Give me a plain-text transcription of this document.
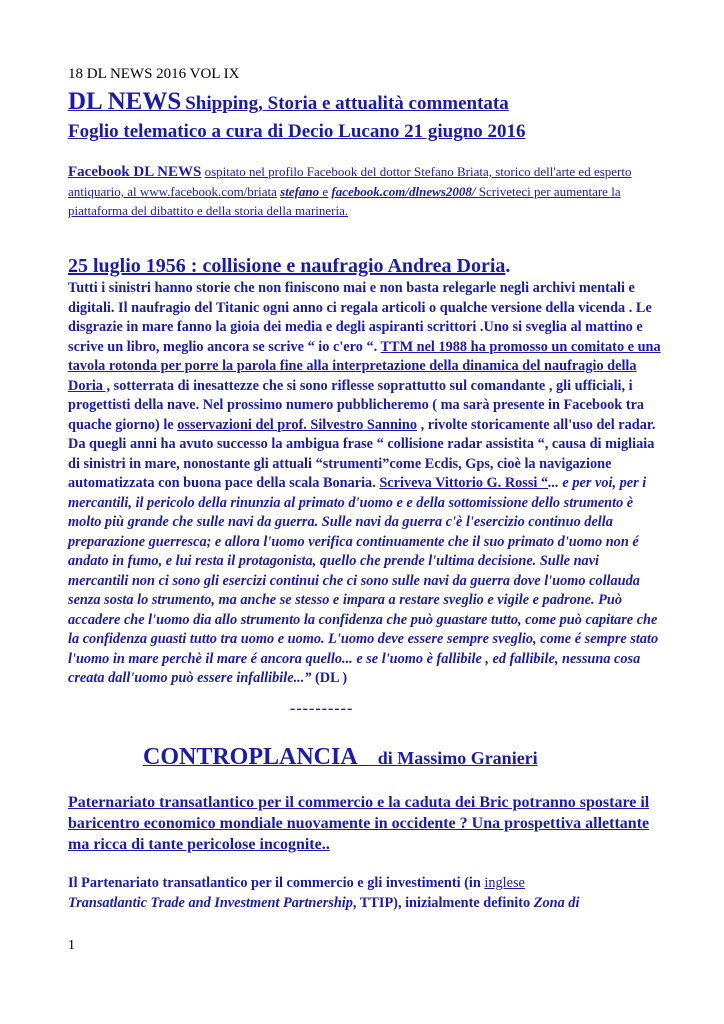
18 DL NEWS 2016 VOL IX
DL NEWS Shipping, Storia e attualità commentata
Foglio telematico a cura di Decio Lucano 21 giugno 2016
Facebook DL NEWS ospitato nel profilo Facebook del dottor Stefano Briata, storico dell'arte ed esperto antiquario, al www.facebook.com/briata stefano e facebook.com/dlnews2008/ Scriveteci per aumentare la piattaforma del dibattito e della storia della marineria.
25 luglio 1956 : collisione e naufragio Andrea Doria.
Tutti i sinistri hanno storie che non finiscono mai e non basta relegarle negli archivi mentali e digitali. Il naufragio del Titanic ogni anno ci regala articoli o qualche versione della vicenda . Le disgrazie in mare fanno la gioia dei media e degli aspiranti scrittori .Uno si sveglia al mattino e scrive un libro, meglio ancora se scrive “ io c'ero “. TTM nel 1988 ha promosso un comitato e una tavola rotonda per porre la parola fine alla interpretazione della dinamica del naufragio della Doria , sotterrata di inesattezze che si sono riflesse soprattutto sul comandante , gli ufficiali, i progettisti della nave. Nel prossimo numero pubblicheremo ( ma sarà presente in Facebook tra quache giorno) le osservazioni del prof. Silvestro Sannino , rivolte storicamente all'uso del radar. Da quegli anni ha avuto successo la ambigua frase “ collisione radar assistita “, causa di migliaia di sinistri in mare, nonostante gli attuali “strumenti”come Ecdis, Gps, cioè la navigazione automatizzata con buona pace della scala Bonaria. Scriveva Vittorio G. Rossi “... e per voi, per i mercantili, il pericolo della rinunzia al primato d'uomo e e della sottomissione dello strumento è molto più grande che sulle navi da guerra. Sulle navi da guerra c'è l'esercizio continuo della preparazione guerresca; e allora l'uomo verifica continuamente che il suo primato d'uomo non é andato in fumo, e lui resta il protagonista, quello che prende l'ultima decisione. Sulle navi mercantili non ci sono gli esercizi continui che ci sono sulle navi da guerra dove l'uomo collauda senza sosta lo strumento, ma anche se stesso e impara a restare sveglio e vigile e padrone. Può accadere che l'uomo dia allo strumento la confidenza che può guastare tutto, come può capitare che la confidenza guasti tutto tra uomo e uomo. L'uomo deve essere sempre sveglio, come é sempre stato l'uomo in mare perchè il mare é ancora quello... e se l'uomo è fallibile , ed fallibile, nessuna cosa creata dall'uomo può essere infallibile...” (DL )
----------
CONTROPLANCIA di Massimo Granieri
Paternariato transatlantico per il commercio e la caduta dei Bric potranno spostare il baricentro economico mondiale nuovamente in occidente ? Una prospettiva allettante ma ricca di tante pericolose incognite..
Il Partenariato transatlantico per il commercio e gli investimenti (in inglese
Transatlantic Trade and Investment Partnership, TTIP), inizialmente definito Zona di
1
